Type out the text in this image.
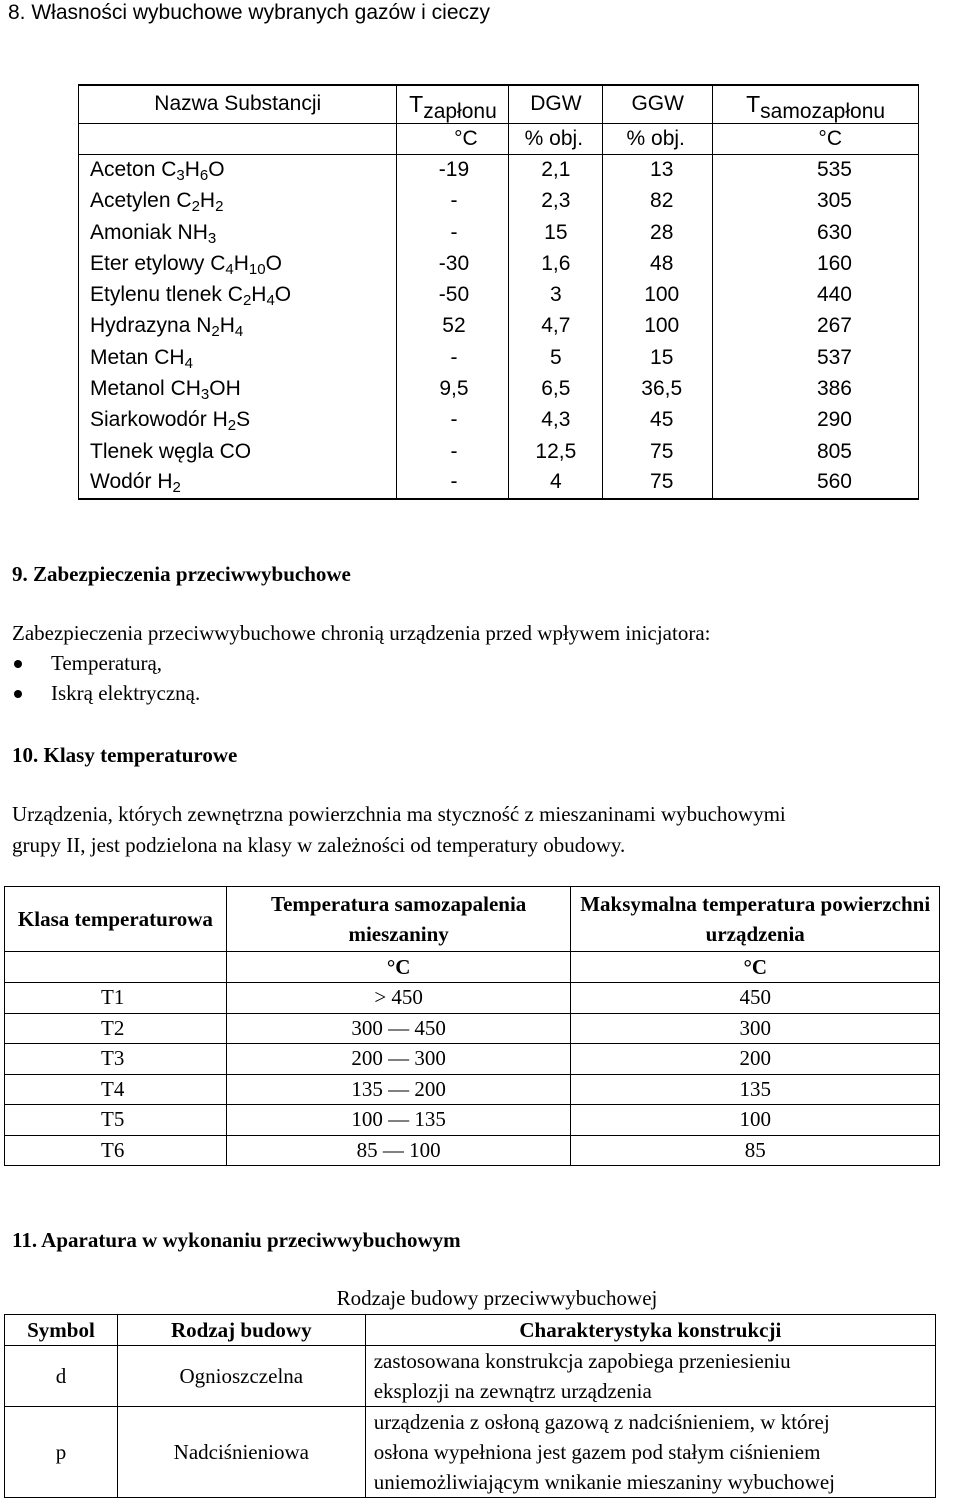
8. Własności wybuchowe wybranych gazów i cieczy
Nazwa Substancji	$T_{zapłonu}$	DGW	GGW	$T_{samozapłonu}$
	°C	% obj.	% obj.	°C
Aceton $C_3H_6O$	-19	2,1	13	535
Acetylen $C_2H_2$	-	2,3	82	305
Amoniak $NH_3$	-	15	28	630
Eter etylowy $C_4H_{10}O$	-30	1,6	48	160
Etylenu tlenek $C_2H_4O$	-50	3	100	440
Hydrazyna $N_2H_4$	52	4,7	100	267
Metan $CH_4$	-	5	15	537
Metanol $CH_3OH$	9,5	6,5	36,5	386
Siarkowodór $H_2S$	-	4,3	45	290
Tlenek węgla CO	-	12,5	75	805
Wodór $H_2$	-	4	75	560
9. Zabezpieczenia przeciwwybuchowe

Zabezpieczenia przeciwwybuchowe chronią urządzenia przed wpływem inicjatora:

Temperaturą,
Iskrą elektryczną.
10. Klasy temperaturowe

Urządzenia, których zewnętrzna powierzchnia ma styczność z mieszaninami wybuchowymi

grupy II, jest podzielona na klasy w zależności od temperatury obudowy.

Klasa temperaturowa	Temperatura samozapalenia mieszaniny	Maksymalna temperatura powierzchni urządzenia
	°C	°C
T1	> 450	450
T2	300 — 450	300
T3	200 — 300	200
T4	135 — 200	135
T5	100 — 135	100
T6	85 — 100	85
11. Aparatura w wykonaniu przeciwwybuchowym
Rodzaje budowy przeciwwybuchowej
Symbol	Rodzaj budowy	Charakterystyka konstrukcji
d	Ognioszczelna	zastosowana konstrukcja zapobiega przeniesieniu
eksplozji na zewnątrz urządzenia

p	Nadciśnieniowa	urządzenia z osłoną gazową z nadciśnieniem, w której
osłona wypełniona jest gazem pod stałym ciśnieniem
uniemożliwiającym wnikanie mieszaniny wybuchowej
